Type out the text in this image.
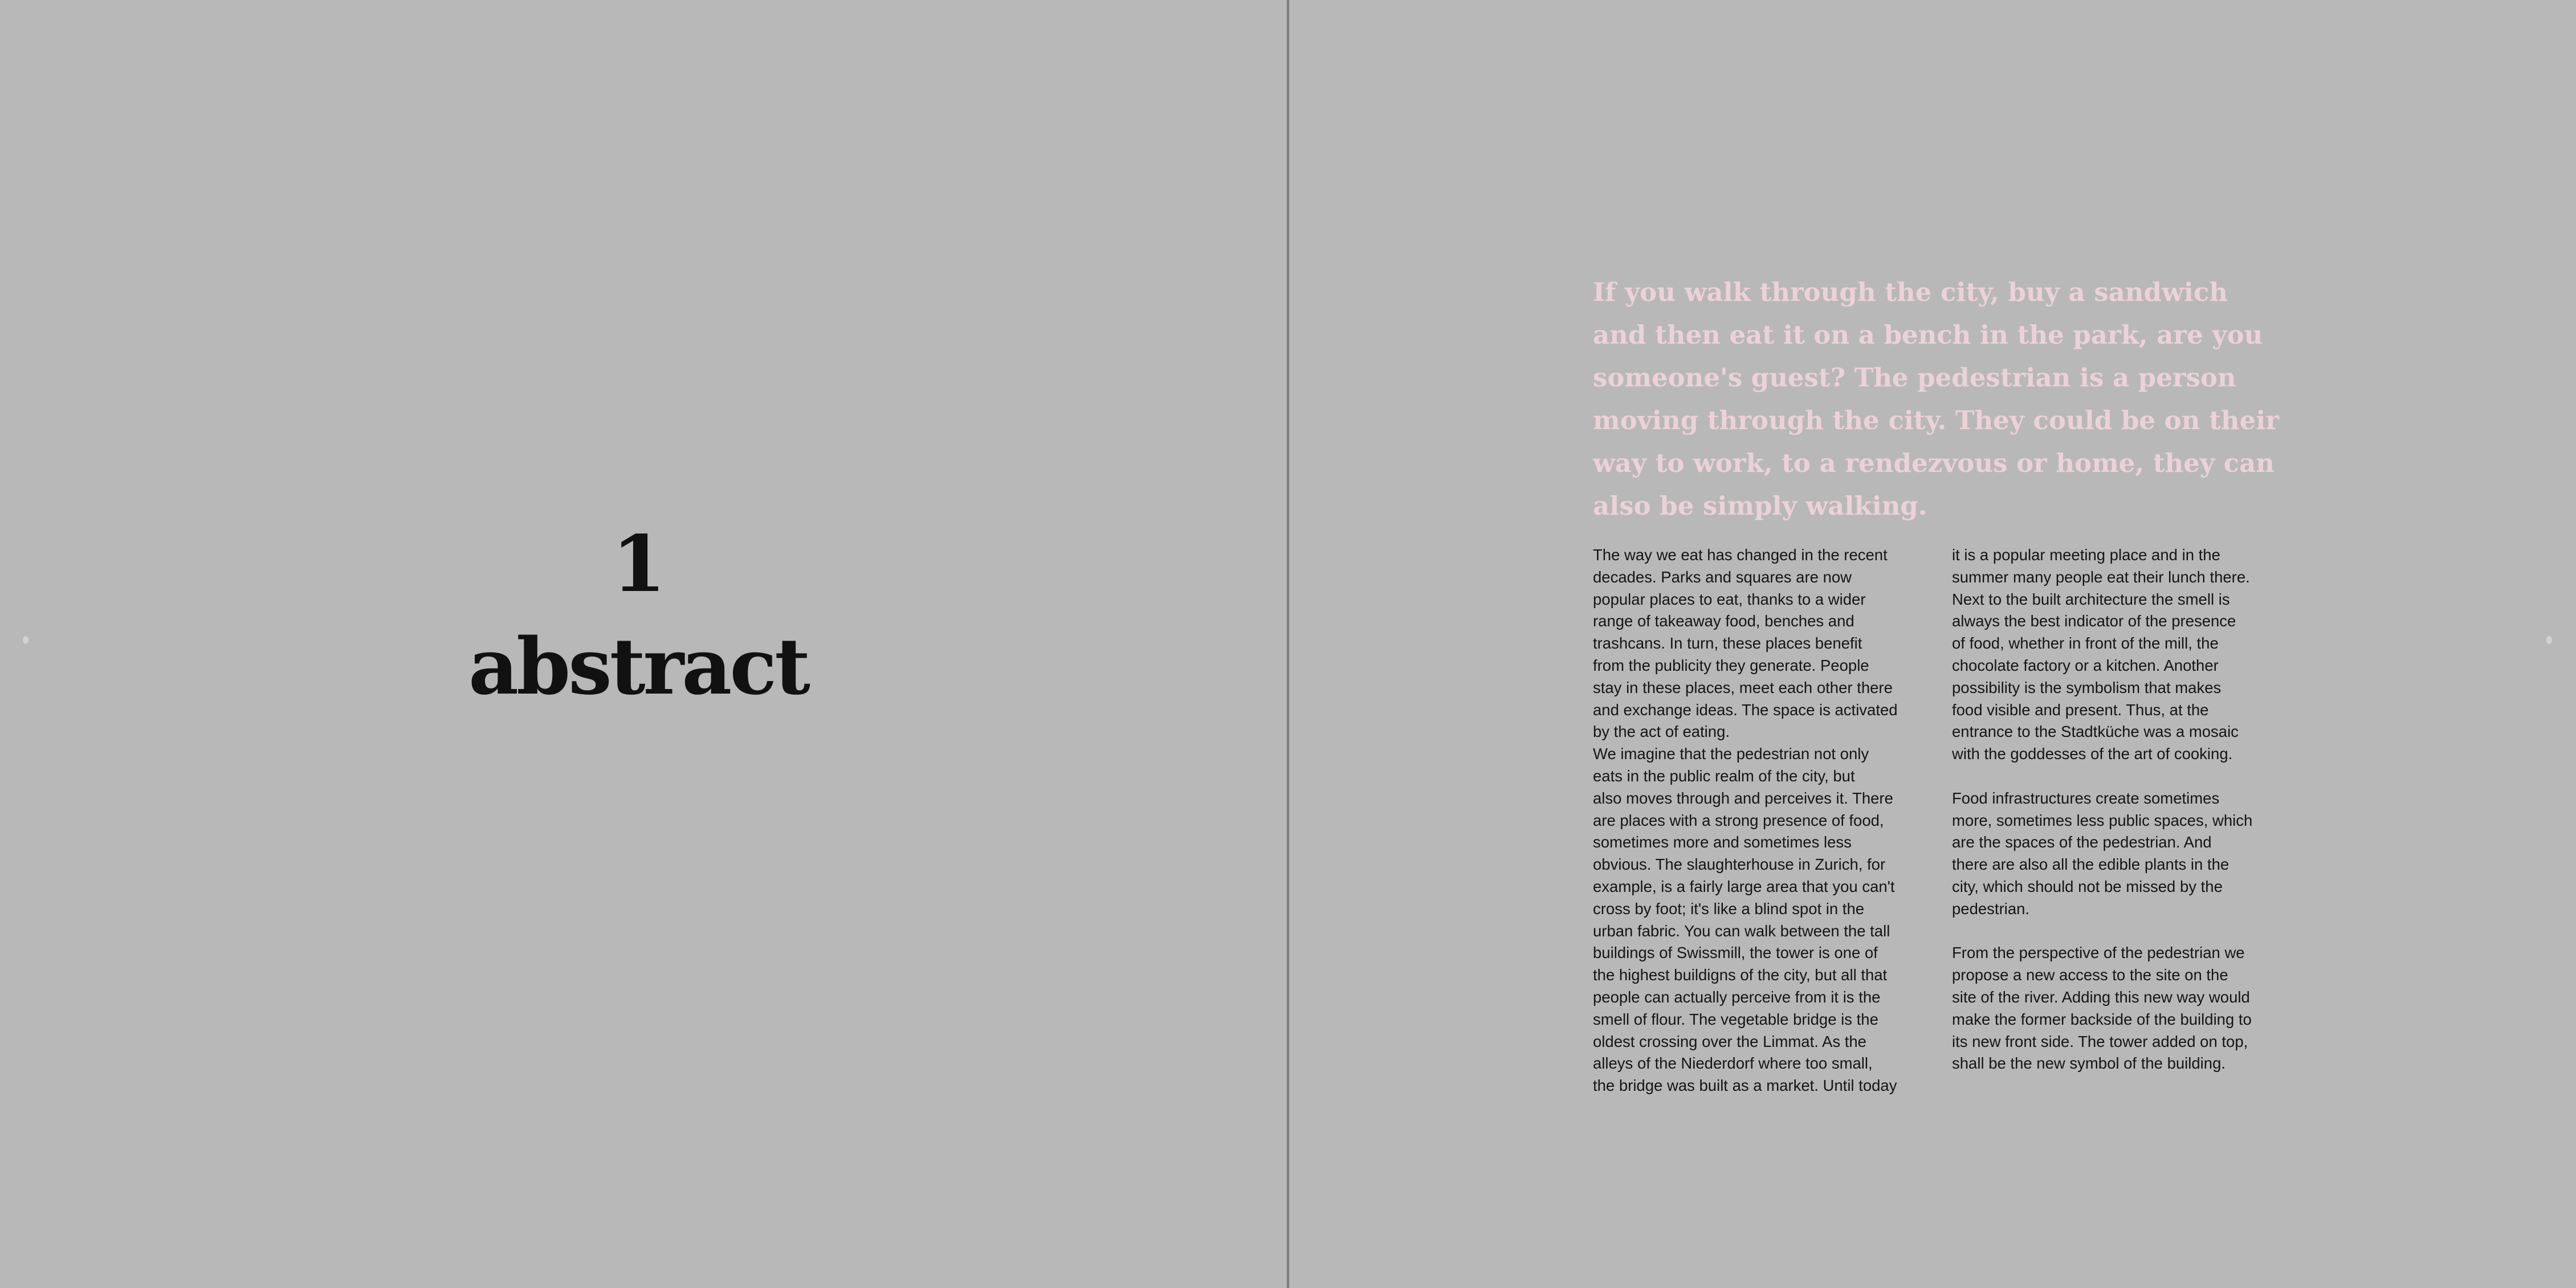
1
abstract

If you walk through the city, buy a sandwich
and then eat it on a bench in the park, are you
someone's guest? The pedestrian is a person
moving through the city. They could be on their
way to work, to a rendezvous or home, they can
also be simply walking.

The way we eat has changed in the recent
decades. Parks and squares are now
popular places to eat, thanks to a wider
range of takeaway food, benches and
trashcans. In turn, these places benefit
from the publicity they generate. People
stay in these places, meet each other there
and exchange ideas. The space is activated
by the act of eating.

We imagine that the pedestrian not only
eats in the public realm of the city, but
also moves through and perceives it. There
are places with a strong presence of food,
sometimes more and sometimes less
obvious. The slaughterhouse in Zurich, for
example, is a fairly large area that you can't
cross by foot; it's like a blind spot in the
urban fabric. You can walk between the tall
buildings of Swissmill, the tower is one of
the highest buildigns of the city, but all that
people can actually perceive from it is the
smell of flour. The vegetable bridge is the
oldest crossing over the Limmat. As the
alleys of the Niederdorf where too small,
the bridge was built as a market. Until today

it is a popular meeting place and in the
summer many people eat their lunch there.
Next to the built architecture the smell is
always the best indicator of the presence
of food, whether in front of the mill, the
chocolate factory or a kitchen. Another
possibility is the symbolism that makes
food visible and present. Thus, at the
entrance to the Stadtküche was a mosaic
with the goddesses of the art of cooking.

Food infrastructures create sometimes
more, sometimes less public spaces, which
are the spaces of the pedestrian. And
there are also all the edible plants in the
city, which should not be missed by the
pedestrian.

From the perspective of the pedestrian we
propose a new access to the site on the
site of the river. Adding this new way would
make the former backside of the building to
its new front side. The tower added on top,
shall be the new symbol of the building.
